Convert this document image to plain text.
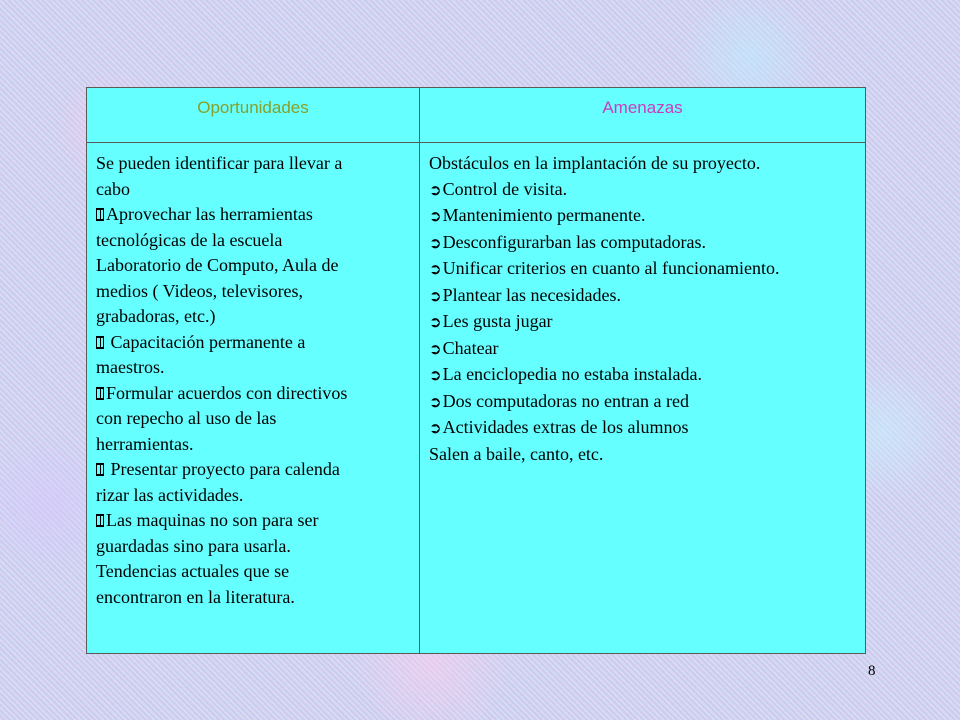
Oportunidades	Amenazas
Se pueden identificar para llevar a
cabo
Aprovechar las herramientas
tecnológicas de la escuela
Laboratorio de Computo, Aula de
medios ( Videos, televisores,
grabadoras, etc.)
Capacitación permanente a
maestros.
Formular acuerdos con directivos
con repecho al uso de las
herramientas.
Presentar proyecto para calenda
rizar las actividades.
Las maquinas no son para ser
guardadas sino para usarla.
Tendencias actuales que se
encontraron en la literatura.
Obstáculos en la implantación de su proyecto.
➲Control de visita.
➲Mantenimiento permanente.
➲Desconfigurarban las computadoras.
➲Unificar criterios en cuanto al funcionamiento.
➲Plantear las necesidades.
➲Les gusta jugar
➲Chatear
➲La enciclopedia no estaba instalada.
➲Dos computadoras no entran a red
➲Actividades extras de los alumnos
Salen a baile, canto, etc.
8
